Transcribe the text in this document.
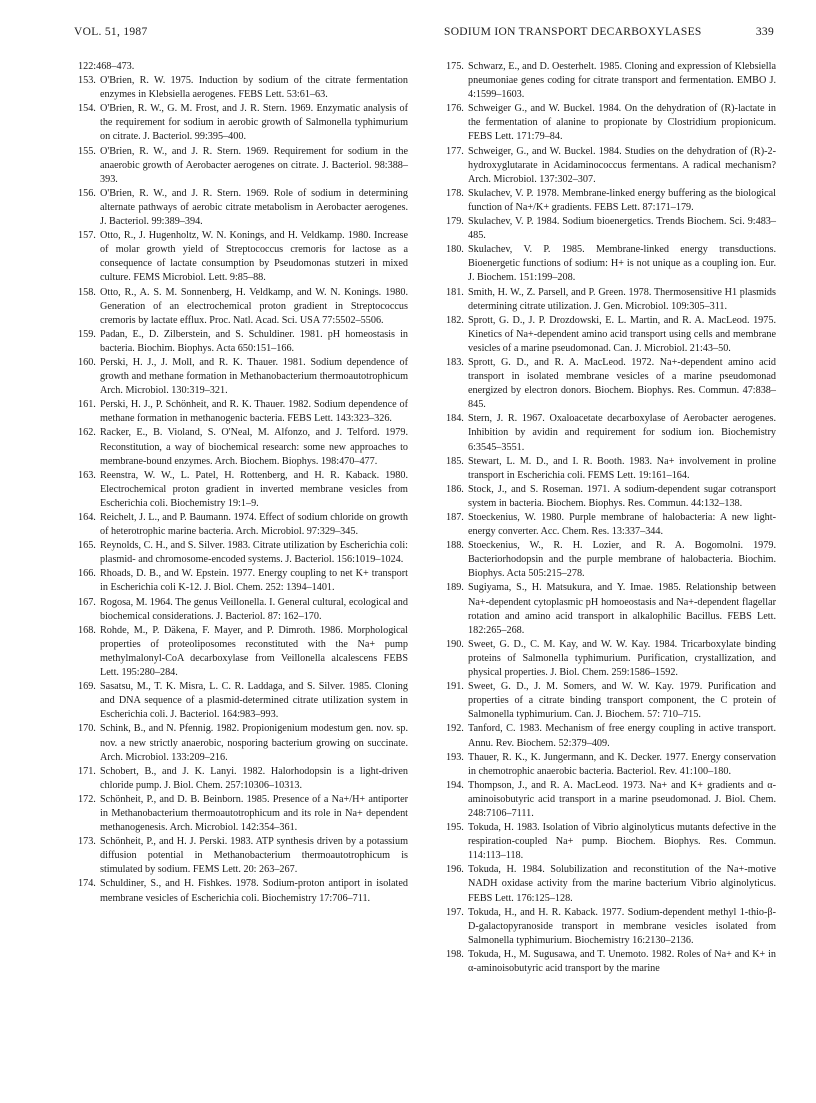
VOL. 51, 1987	SODIUM ION TRANSPORT DECARBOXYLASES	339
122:468–473.
153. O'Brien, R. W. 1975. Induction by sodium of the citrate fermentation enzymes in Klebsiella aerogenes. FEBS Lett. 53:61–63.
154. O'Brien, R. W., G. M. Frost, and J. R. Stern. 1969. Enzymatic analysis of the requirement for sodium in aerobic growth of Salmonella typhimurium on citrate. J. Bacteriol. 99:395–400.
155. O'Brien, R. W., and J. R. Stern. 1969. Requirement for sodium in the anaerobic growth of Aerobacter aerogenes on citrate. J. Bacteriol. 98:388–393.
156. O'Brien, R. W., and J. R. Stern. 1969. Role of sodium in determining alternate pathways of aerobic citrate metabolism in Aerobacter aerogenes. J. Bacteriol. 99:389–394.
157. Otto, R., J. Hugenholtz, W. N. Konings, and H. Veldkamp. 1980. Increase of molar growth yield of Streptococcus cremoris for lactose as a consequence of lactate consumption by Pseudomonas stutzeri in mixed culture. FEMS Microbiol. Lett. 9:85–88.
158. Otto, R., A. S. M. Sonnenberg, H. Veldkamp, and W. N. Konings. 1980. Generation of an electrochemical proton gradient in Streptococcus cremoris by lactate efflux. Proc. Natl. Acad. Sci. USA 77:5502–5506.
159. Padan, E., D. Zilberstein, and S. Schuldiner. 1981. pH homeostasis in bacteria. Biochim. Biophys. Acta 650:151–166.
160. Perski, H. J., J. Moll, and R. K. Thauer. 1981. Sodium dependence of growth and methane formation in Methanobacterium thermoautotrophicum Arch. Microbiol. 130:319–321.
161. Perski, H. J., P. Schönheit, and R. K. Thauer. 1982. Sodium dependence of methane formation in methanogenic bacteria. FEBS Lett. 143:323–326.
162. Racker, E., B. Violand, S. O'Neal, M. Alfonzo, and J. Telford. 1979. Reconstitution, a way of biochemical research: some new approaches to membrane-bound enzymes. Arch. Biochem. Biophys. 198:470–477.
163. Reenstra, W. W., L. Patel, H. Rottenberg, and H. R. Kaback. 1980. Electrochemical proton gradient in inverted membrane vesicles from Escherichia coli. Biochemistry 19:1–9.
164. Reichelt, J. L., and P. Baumann. 1974. Effect of sodium chloride on growth of heterotrophic marine bacteria. Arch. Microbiol. 97:329–345.
165. Reynolds, C. H., and S. Silver. 1983. Citrate utilization by Escherichia coli: plasmid- and chromosome-encoded systems. J. Bacteriol. 156:1019–1024.
166. Rhoads, D. B., and W. Epstein. 1977. Energy coupling to net K+ transport in Escherichia coli K-12. J. Biol. Chem. 252: 1394–1401.
167. Rogosa, M. 1964. The genus Veillonella. I. General cultural, ecological and biochemical considerations. J. Bacteriol. 87: 162–170.
168. Rohde, M., P. Däkena, F. Mayer, and P. Dimroth. 1986. Morphological properties of proteoliposomes reconstituted with the Na+ pump methylmalonyl-CoA decarboxylase from Veillonella alcalescens FEBS Lett. 195:280–284.
169. Sasatsu, M., T. K. Misra, L. C. R. Laddaga, and S. Silver. 1985. Cloning and DNA sequence of a plasmid-determined citrate utilization system in Escherichia coli. J. Bacteriol. 164:983–993.
170. Schink, B., and N. Pfennig. 1982. Propionigenium modestum gen. nov. sp. nov. a new strictly anaerobic, nosporing bacterium growing on succinate. Arch. Microbiol. 133:209–216.
171. Schobert, B., and J. K. Lanyi. 1982. Halorhodopsin is a light-driven chloride pump. J. Biol. Chem. 257:10306–10313.
172. Schönheit, P., and D. B. Beinborn. 1985. Presence of a Na+/H+ antiporter in Methanobacterium thermoautotrophicum and its role in Na+ dependent methanogenesis. Arch. Microbiol. 142:354–361.
173. Schönheit, P., and H. J. Perski. 1983. ATP synthesis driven by a potassium diffusion potential in Methanobacterium thermoautotrophicum is stimulated by sodium. FEMS Lett. 20: 263–267.
174. Schuldiner, S., and H. Fishkes. 1978. Sodium-proton antiport in isolated membrane vesicles of Escherichia coli. Biochemistry 17:706–711.
175. Schwarz, E., and D. Oesterhelt. 1985. Cloning and expression of Klebsiella pneumoniae genes coding for citrate transport and fermentation. EMBO J. 4:1599–1603.
176. Schweiger G., and W. Buckel. 1984. On the dehydration of (R)-lactate in the fermentation of alanine to propionate by Clostridium propionicum. FEBS Lett. 171:79–84.
177. Schweiger, G., and W. Buckel. 1984. Studies on the dehydration of (R)-2-hydroxyglutarate in Acidaminococcus fermentans. A radical mechanism? Arch. Microbiol. 137:302–307.
178. Skulachev, V. P. 1978. Membrane-linked energy buffering as the biological function of Na+/K+ gradients. FEBS Lett. 87:171–179.
179. Skulachev, V. P. 1984. Sodium bioenergetics. Trends Biochem. Sci. 9:483–485.
180. Skulachev, V. P. 1985. Membrane-linked energy transductions. Bioenergetic functions of sodium: H+ is not unique as a coupling ion. Eur. J. Biochem. 151:199–208.
181. Smith, H. W., Z. Parsell, and P. Green. 1978. Thermosensitive H1 plasmids determining citrate utilization. J. Gen. Microbiol. 109:305–311.
182. Sprott, G. D., J. P. Drozdowski, E. L. Martin, and R. A. MacLeod. 1975. Kinetics of Na+-dependent amino acid transport using cells and membrane vesicles of a marine pseudomonad. Can. J. Microbiol. 21:43–50.
183. Sprott, G. D., and R. A. MacLeod. 1972. Na+-dependent amino acid transport in isolated membrane vesicles of a marine pseudomonad energized by electron donors. Biochem. Biophys. Res. Commun. 47:838–845.
184. Stern, J. R. 1967. Oxaloacetate decarboxylase of Aerobacter aerogenes. Inhibition by avidin and requirement for sodium ion. Biochemistry 6:3545–3551.
185. Stewart, L. M. D., and I. R. Booth. 1983. Na+ involvement in proline transport in Escherichia coli. FEMS Lett. 19:161–164.
186. Stock, J., and S. Roseman. 1971. A sodium-dependent sugar cotransport system in bacteria. Biochem. Biophys. Res. Commun. 44:132–138.
187. Stoeckenius, W. 1980. Purple membrane of halobacteria: A new light-energy converter. Acc. Chem. Res. 13:337–344.
188. Stoeckenius, W., R. H. Lozier, and R. A. Bogomolni. 1979. Bacteriorhodopsin and the purple membrane of halobacteria. Biochim. Biophys. Acta 505:215–278.
189. Sugiyama, S., H. Matsukura, and Y. Imae. 1985. Relationship between Na+-dependent cytoplasmic pH homoeostasis and Na+-dependent flagellar rotation and amino acid transport in alkalophilic Bacillus. FEBS Lett. 182:265–268.
190. Sweet, G. D., C. M. Kay, and W. W. Kay. 1984. Tricarboxylate binding proteins of Salmonella typhimurium. Purification, crystallization, and physical properties. J. Biol. Chem. 259:1586–1592.
191. Sweet, G. D., J. M. Somers, and W. W. Kay. 1979. Purification and properties of a citrate binding transport component, the C protein of Salmonella typhimurium. Can. J. Biochem. 57: 710–715.
192. Tanford, C. 1983. Mechanism of free energy coupling in active transport. Annu. Rev. Biochem. 52:379–409.
193. Thauer, R. K., K. Jungermann, and K. Decker. 1977. Energy conservation in chemotrophic anaerobic bacteria. Bacteriol. Rev. 41:100–180.
194. Thompson, J., and R. A. MacLeod. 1973. Na+ and K+ gradients and α-aminoisobutyric acid transport in a marine pseudomonad. J. Biol. Chem. 248:7106–7111.
195. Tokuda, H. 1983. Isolation of Vibrio alginolyticus mutants defective in the respiration-coupled Na+ pump. Biochem. Biophys. Res. Commun. 114:113–118.
196. Tokuda, H. 1984. Solubilization and reconstitution of the Na+-motive NADH oxidase activity from the marine bacterium Vibrio alginolyticus. FEBS Lett. 176:125–128.
197. Tokuda, H., and H. R. Kaback. 1977. Sodium-dependent methyl 1-thio-β-D-galactopyranoside transport in membrane vesicles isolated from Salmonella typhimurium. Biochemistry 16:2130–2136.
198. Tokuda, H., M. Sugusawa, and T. Unemoto. 1982. Roles of Na+ and K+ in α-aminoisobutyric acid transport by the marine
